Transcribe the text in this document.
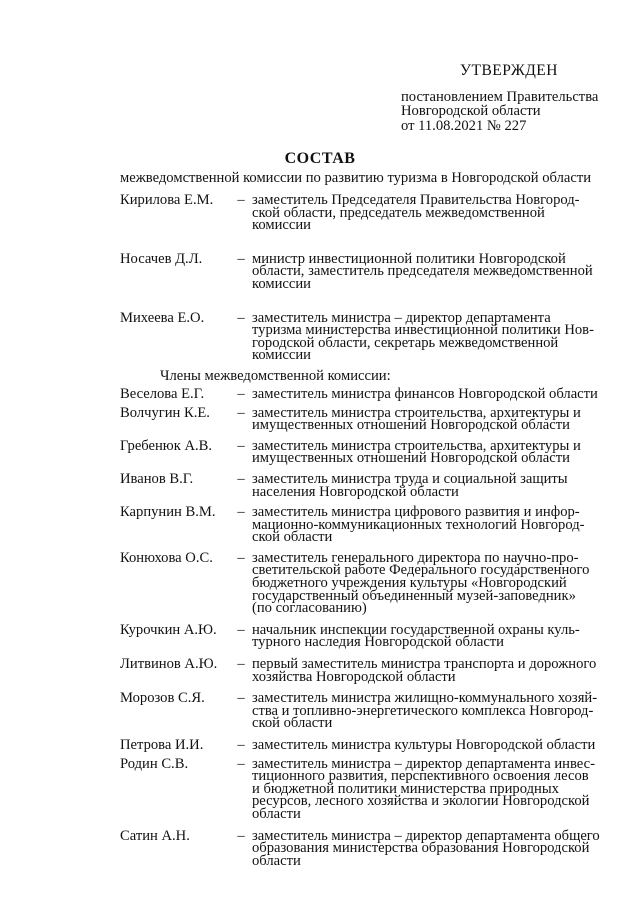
УТВЕРЖДЕН
постановлением Правительства
Новгородской области
от 11.08.2021 № 227
СОСТАВ
межведомственной комиссии по развитию туризма в Новгородской области
Кирилова Е.М.	– заместитель Председателя Правительства Новгород-
ской области, председатель межведомственной
комиссии
Носачев Д.Л.	– министр инвестиционной политики Новгородской
области, заместитель председателя межведомственной
комиссии
Михеева Е.О.	– заместитель министра – директор департамента
туризма министерства инвестиционной политики Нов-
городской области, секретарь межведомственной
комиссии
Члены межведомственной комиссии:
Веселова Е.Г.	– заместитель министра финансов Новгородской области
Волчугин К.Е.	– заместитель министра строительства, архитектуры и
имущественных отношений Новгородской области
Гребенюк А.В.	– заместитель министра строительства, архитектуры и
имущественных отношений Новгородской области
Иванов В.Г.	– заместитель министра труда и социальной защиты
населения Новгородской области
Карпунин В.М.	– заместитель министра цифрового развития и инфор-
мационно-коммуникационных технологий Новгород-
ской области
Конюхова О.С.	– заместитель генерального директора по научно-про-
светительской работе Федерального государственного
бюджетного учреждения культуры «Новгородский
государственный объединенный музей-заповедник»
(по согласованию)
Курочкин А.Ю.	– начальник инспекции государственной охраны куль-
турного наследия Новгородской области
Литвинов А.Ю.	– первый заместитель министра транспорта и дорожного
хозяйства Новгородской области
Морозов С.Я.	– заместитель министра жилищно-коммунального хозяй-
ства и топливно-энергетического комплекса Новгород-
ской области
Петрова И.И.	– заместитель министра культуры Новгородской области
Родин С.В.	– заместитель министра – директор департамента инвес-
тиционного развития, перспективного освоения лесов
и бюджетной политики министерства природных
ресурсов, лесного хозяйства и экологии Новгородской
области
Сатин А.Н.	– заместитель министра – директор департамента общего
образования министерства образования Новгородской
области
